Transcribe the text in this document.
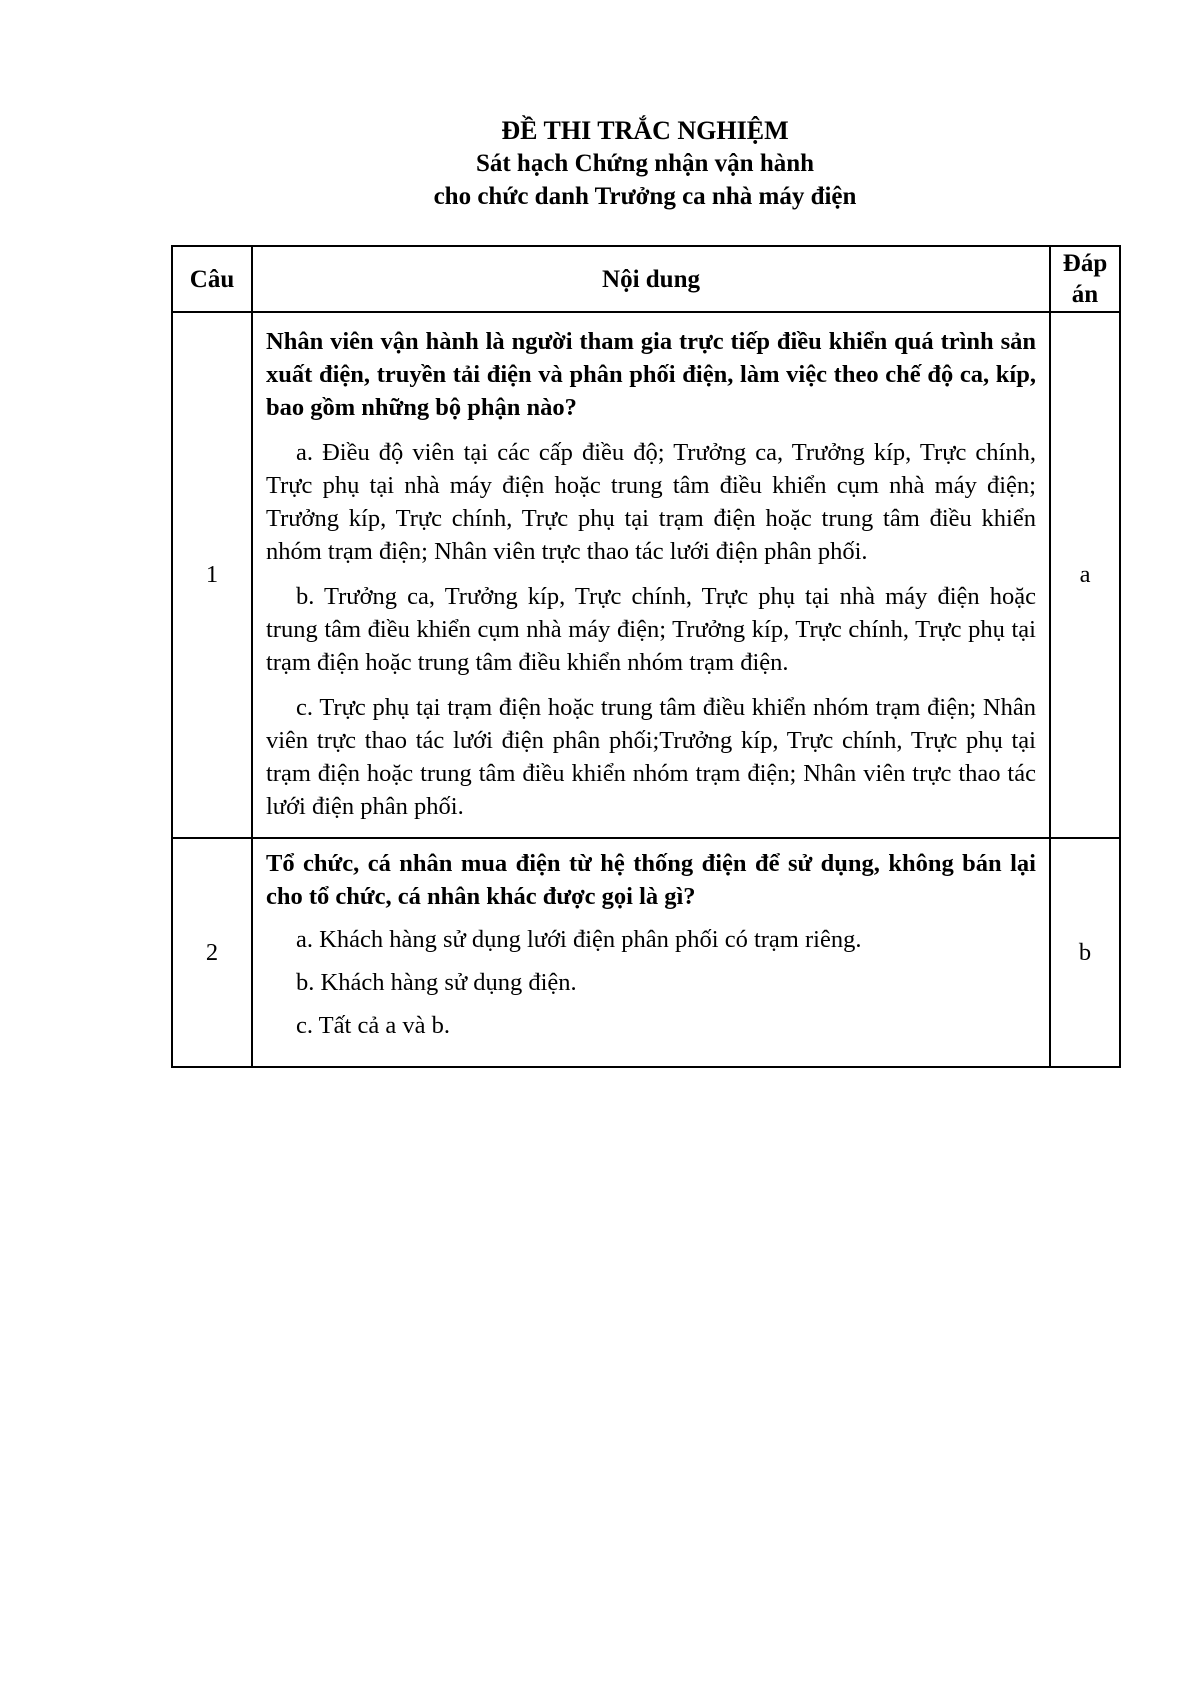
ĐỀ THI TRẮC NGHIỆM
Sát hạch Chứng nhận vận hành
cho chức danh Trưởng ca nhà máy điện
Câu	Nội dung	Đáp án
1	Nhân viên vận hành là người tham gia trực tiếp điều khiển quá trình sản xuất điện, truyền tải điện và phân phối điện, làm việc theo chế độ ca, kíp, bao gồm những bộ phận nào?

a. Điều độ viên tại các cấp điều độ; Trưởng ca, Trưởng kíp, Trực chính, Trực phụ tại nhà máy điện hoặc trung tâm điều khiển cụm nhà máy điện; Trưởng kíp, Trực chính, Trực phụ tại trạm điện hoặc trung tâm điều khiển nhóm trạm điện; Nhân viên trực thao tác lưới điện phân phối.

b. Trưởng ca, Trưởng kíp, Trực chính, Trực phụ tại nhà máy điện hoặc trung tâm điều khiển cụm nhà máy điện; Trưởng kíp, Trực chính, Trực phụ tại trạm điện hoặc trung tâm điều khiển nhóm trạm điện.

c. Trực phụ tại trạm điện hoặc trung tâm điều khiển nhóm trạm điện; Nhân viên trực thao tác lưới điện phân phối;Trưởng kíp, Trực chính, Trực phụ tại trạm điện hoặc trung tâm điều khiển nhóm trạm điện; Nhân viên trực thao tác lưới điện phân phối.	a
2	Tổ chức, cá nhân mua điện từ hệ thống điện để sử dụng, không bán lại cho tổ chức, cá nhân khác được gọi là gì?

a. Khách hàng sử dụng lưới điện phân phối có trạm riêng.

b. Khách hàng sử dụng điện.

c. Tất cả a và b.	b
